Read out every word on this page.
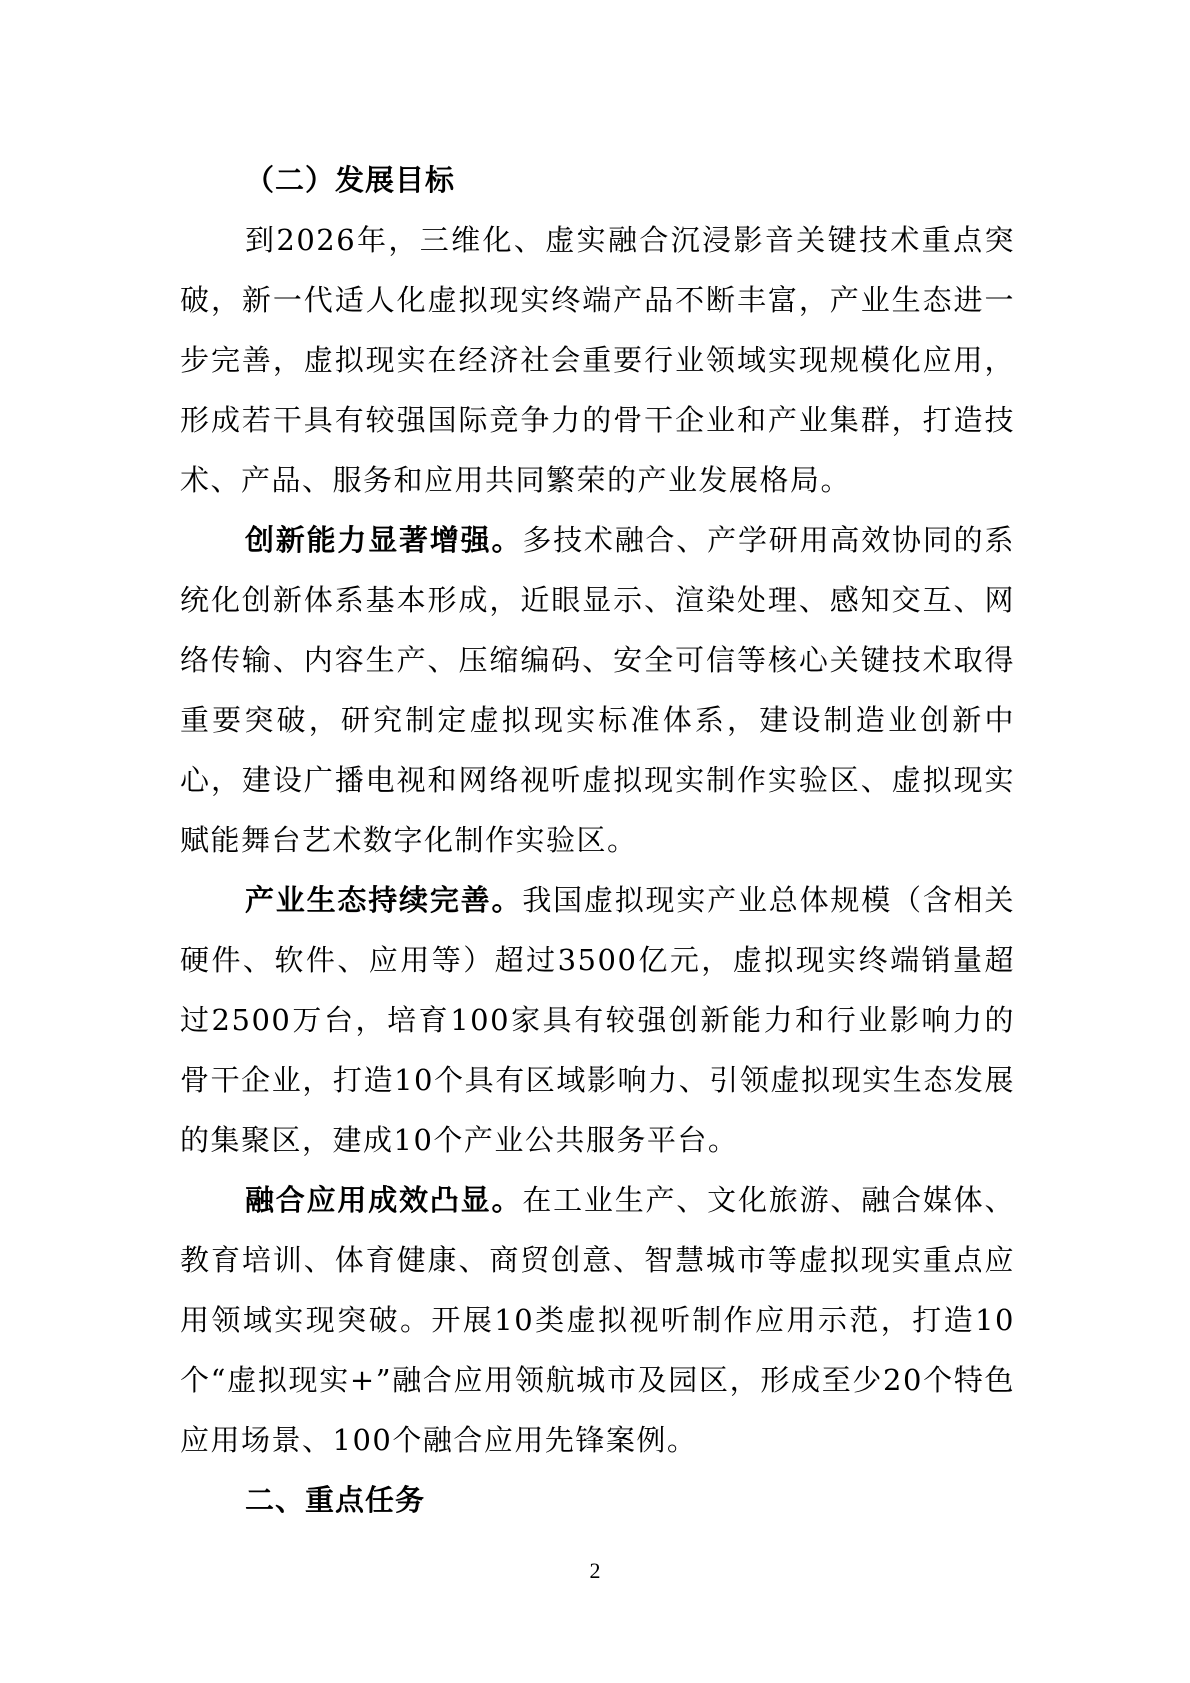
（二）发展目标

到2026年，三维化、虚实融合沉浸影音关键技术重点突破，新一代适人化虚拟现实终端产品不断丰富，产业生态进一步完善，虚拟现实在经济社会重要行业领域实现规模化应用，形成若干具有较强国际竞争力的骨干企业和产业集群，打造技术、产品、服务和应用共同繁荣的产业发展格局。

创新能力显著增强。多技术融合、产学研用高效协同的系统化创新体系基本形成，近眼显示、渲染处理、感知交互、网络传输、内容生产、压缩编码、安全可信等核心关键技术取得重要突破，研究制定虚拟现实标准体系，建设制造业创新中心，建设广播电视和网络视听虚拟现实制作实验区、虚拟现实赋能舞台艺术数字化制作实验区。

产业生态持续完善。我国虚拟现实产业总体规模（含相关硬件、软件、应用等）超过3500亿元，虚拟现实终端销量超过2500万台，培育100家具有较强创新能力和行业影响力的骨干企业，打造10个具有区域影响力、引领虚拟现实生态发展的集聚区，建成10个产业公共服务平台。

融合应用成效凸显。在工业生产、文化旅游、融合媒体、教育培训、体育健康、商贸创意、智慧城市等虚拟现实重点应用领域实现突破。开展10类虚拟视听制作应用示范，打造10个“虚拟现实+”融合应用领航城市及园区，形成至少20个特色应用场景、100个融合应用先锋案例。

二、重点任务
2
